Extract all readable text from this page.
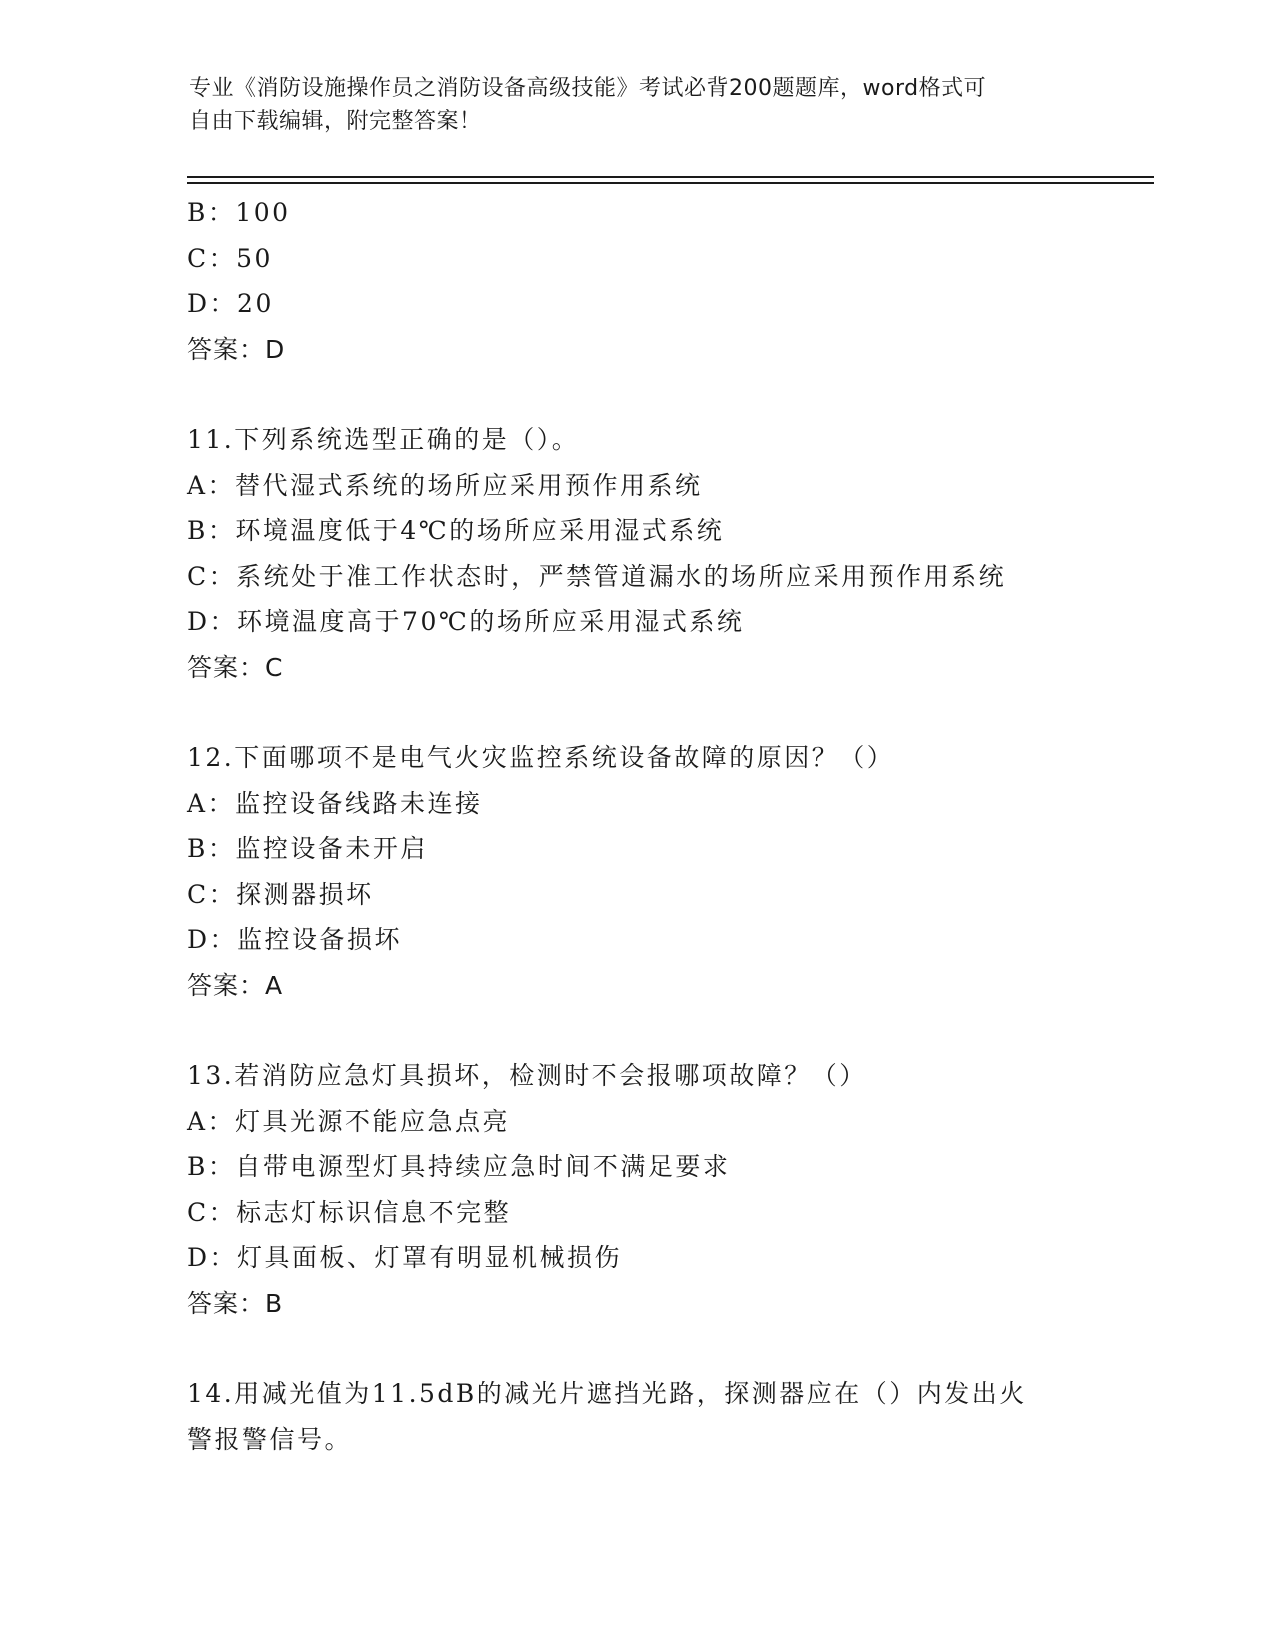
专业《消防设施操作员之消防设备高级技能》考试必背200题题库，word格式可
自由下载编辑，附完整答案！
B：100
C：50
D：20
答案：D
11.下列系统选型正确的是（）。
A：替代湿式系统的场所应采用预作用系统
B：环境温度低于4℃的场所应采用湿式系统
C：系统处于准工作状态时，严禁管道漏水的场所应采用预作用系统
D：环境温度高于70℃的场所应采用湿式系统
答案：C
12.下面哪项不是电气火灾监控系统设备故障的原因？（）
A：监控设备线路未连接
B：监控设备未开启
C：探测器损坏
D：监控设备损坏
答案：A
13.若消防应急灯具损坏，检测时不会报哪项故障？（）
A：灯具光源不能应急点亮
B：自带电源型灯具持续应急时间不满足要求
C：标志灯标识信息不完整
D：灯具面板、灯罩有明显机械损伤
答案：B
14.用减光值为11.5dB的减光片遮挡光路，探测器应在（）内发出火
警报警信号。
